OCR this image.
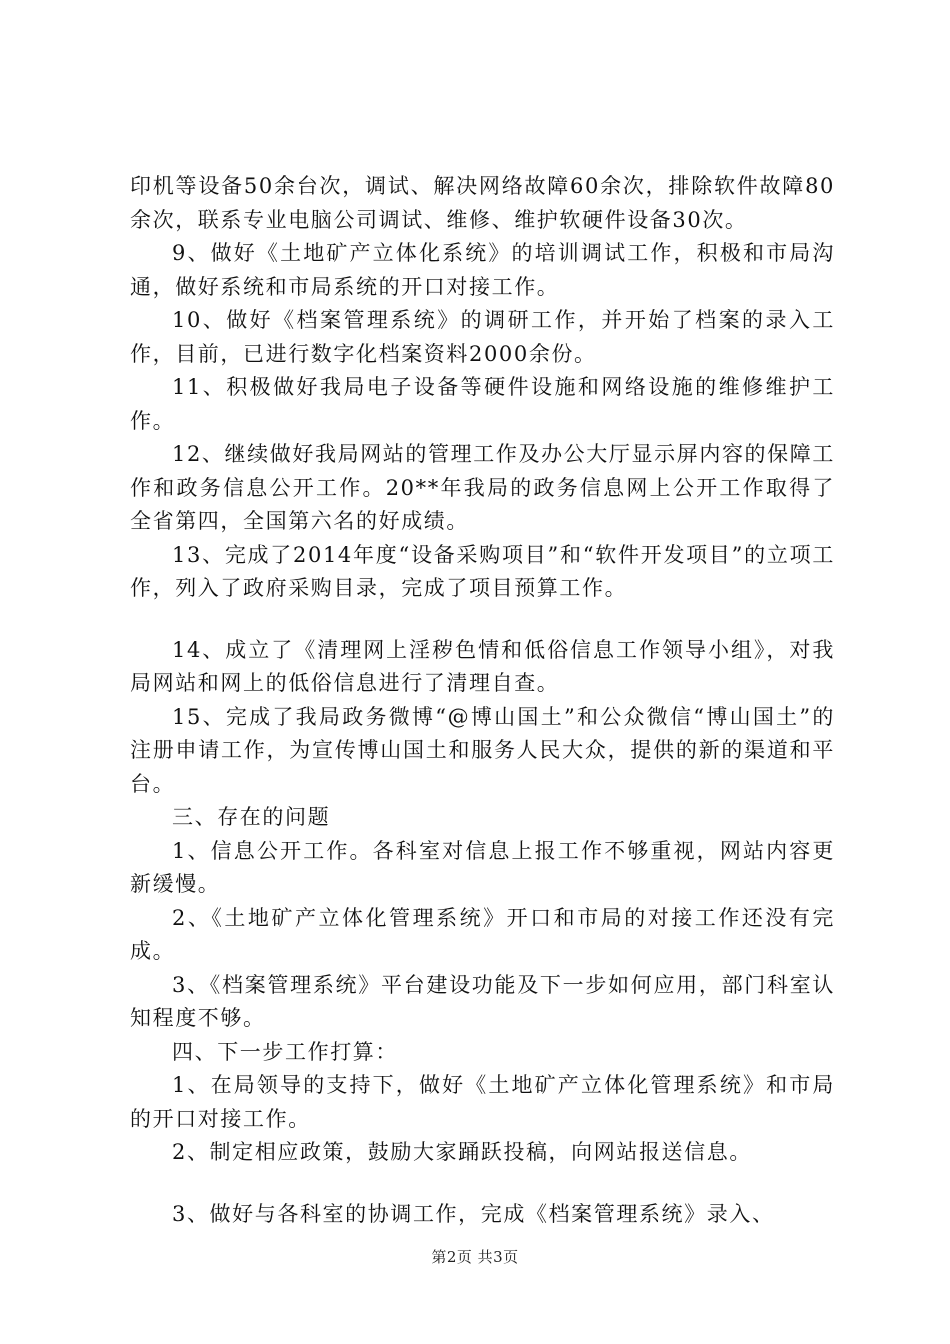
印机等设备50余台次，调试、解决网络故障60余次，排除软件故障80余次，联系专业电脑公司调试、维修、维护软硬件设备30次。

9、做好《土地矿产立体化系统》的培训调试工作，积极和市局沟通，做好系统和市局系统的开口对接工作。

10、做好《档案管理系统》的调研工作，并开始了档案的录入工作，目前，已进行数字化档案资料2000余份。

11、积极做好我局电子设备等硬件设施和网络设施的维修维护工作。

12、继续做好我局网站的管理工作及办公大厅显示屏内容的保障工作和政务信息公开工作。20**年我局的政务信息网上公开工作取得了全省第四，全国第六名的好成绩。

13、完成了2014年度“设备采购项目”和“软件开发项目”的立项工作，列入了政府采购目录，完成了项目预算工作。

14、成立了《清理网上淫秽色情和低俗信息工作领导小组》，对我局网站和网上的低俗信息进行了清理自查。

15、完成了我局政务微博“@博山国土”和公众微信“博山国土”的注册申请工作，为宣传博山国土和服务人民大众，提供的新的渠道和平台。

三、存在的问题

1、信息公开工作。各科室对信息上报工作不够重视，网站内容更新缓慢。

2、《土地矿产立体化管理系统》开口和市局的对接工作还没有完成。

3、《档案管理系统》平台建设功能及下一步如何应用，部门科室认知程度不够。

四、下一步工作打算：

1、在局领导的支持下，做好《土地矿产立体化管理系统》和市局的开口对接工作。

2、制定相应政策，鼓励大家踊跃投稿，向网站报送信息。

3、做好与各科室的协调工作，完成《档案管理系统》录入、

第2页 共3页
